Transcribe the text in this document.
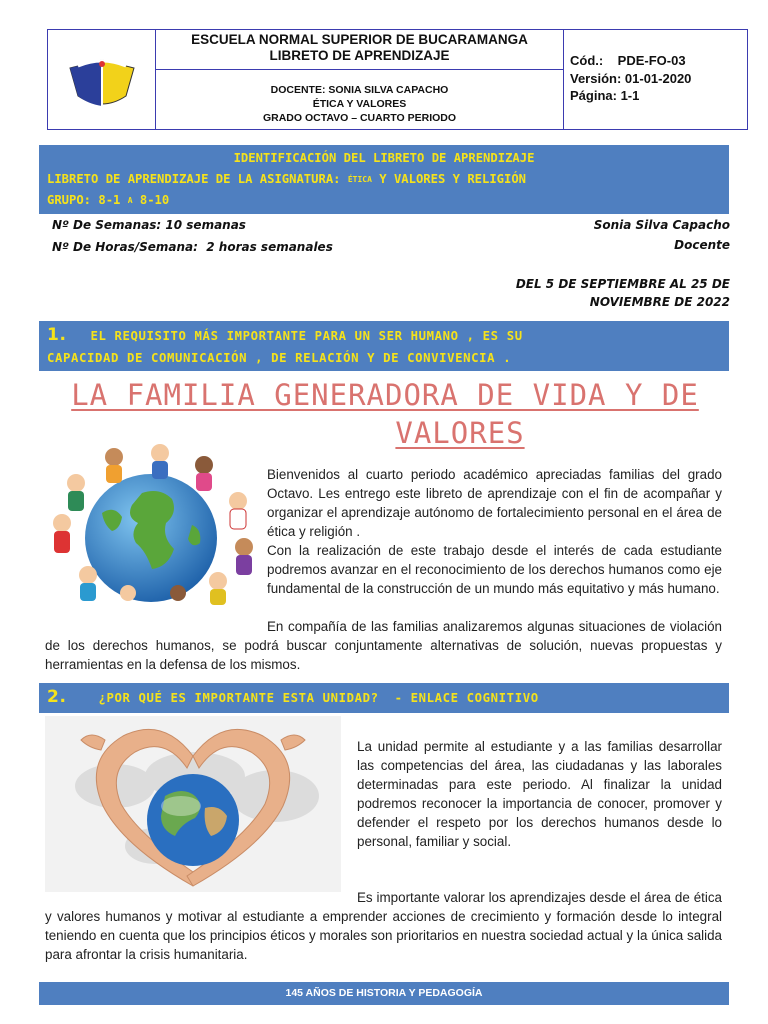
ESCUELA NORMAL SUPERIOR DE BUCARAMANGA
LIBRETO DE APRENDIZAJE
DOCENTE: SONIA SILVA CAPACHO
ÉTICA Y VALORES
GRADO OCTAVO – CUARTO PERIODO
Cód.:    PDE-FO-03
Versión: 01-01-2020
Página: 1-1
IDENTIFICACIÓN DEL LIBRETO DE APRENDIZAJE
LIBRETO DE APRENDIZAJE DE LA ASIGNATURA: $^{ÉTICA}$ Y VALORES Y RELIGIÓN
GRUPO: 8-1 $^A$ 8-10
Nº De Semanas: 10 semanas
Nº De Horas/Semana:  2 horas semanales
Sonia Silva Capacho
Docente
DEL 5 DE SEPTIEMBRE AL 25 DE
NOVIEMBRE DE 2022
1. EL REQUISITO MÁS IMPORTANTE PARA UN SER HUMANO , ES SU
CAPACIDAD DE COMUNICACIÓN , DE RELACIÓN Y DE CONVIVENCIA .
LA FAMILIA GENERADORA DE VIDA Y DE
VALORES
Bienvenidos al cuarto periodo académico apreciadas familias del grado Octavo. Les entrego este libreto de aprendizaje con el fin de acompañar y organizar el aprendizaje autónomo de fortalecimiento personal en el área de ética y religión .
Con la realización de este trabajo desde el interés de cada estudiante podremos avanzar en el reconocimiento de los derechos humanos como eje fundamental de la construcción de un mundo más equitativo y más humano.
En compañía de las familias analizaremos algunas situaciones de violación de los derechos humanos, se podrá buscar conjuntamente alternativas de solución, nuevas propuestas y herramientas en la defensa de los mismos.
2.	¿POR QUÉ ES IMPORTANTE ESTA UNIDAD?  - ENLACE COGNITIVO
La unidad permite al estudiante y a las familias desarrollar las competencias del área, las ciudadanas y las laborales determinadas para este periodo. Al finalizar la unidad podremos reconocer la importancia de conocer, promover y defender el respeto por los derechos humanos desde lo personal, familiar y social.
Es importante valorar los aprendizajes desde el área de ética y valores humanos y motivar al estudiante a emprender acciones de crecimiento y formación desde lo integral teniendo en cuenta que los principios éticos y morales son prioritarios en nuestra sociedad actual y la única salida para afrontar la crisis humanitaria.
145 AÑOS DE HISTORIA Y PEDAGOGÍA
